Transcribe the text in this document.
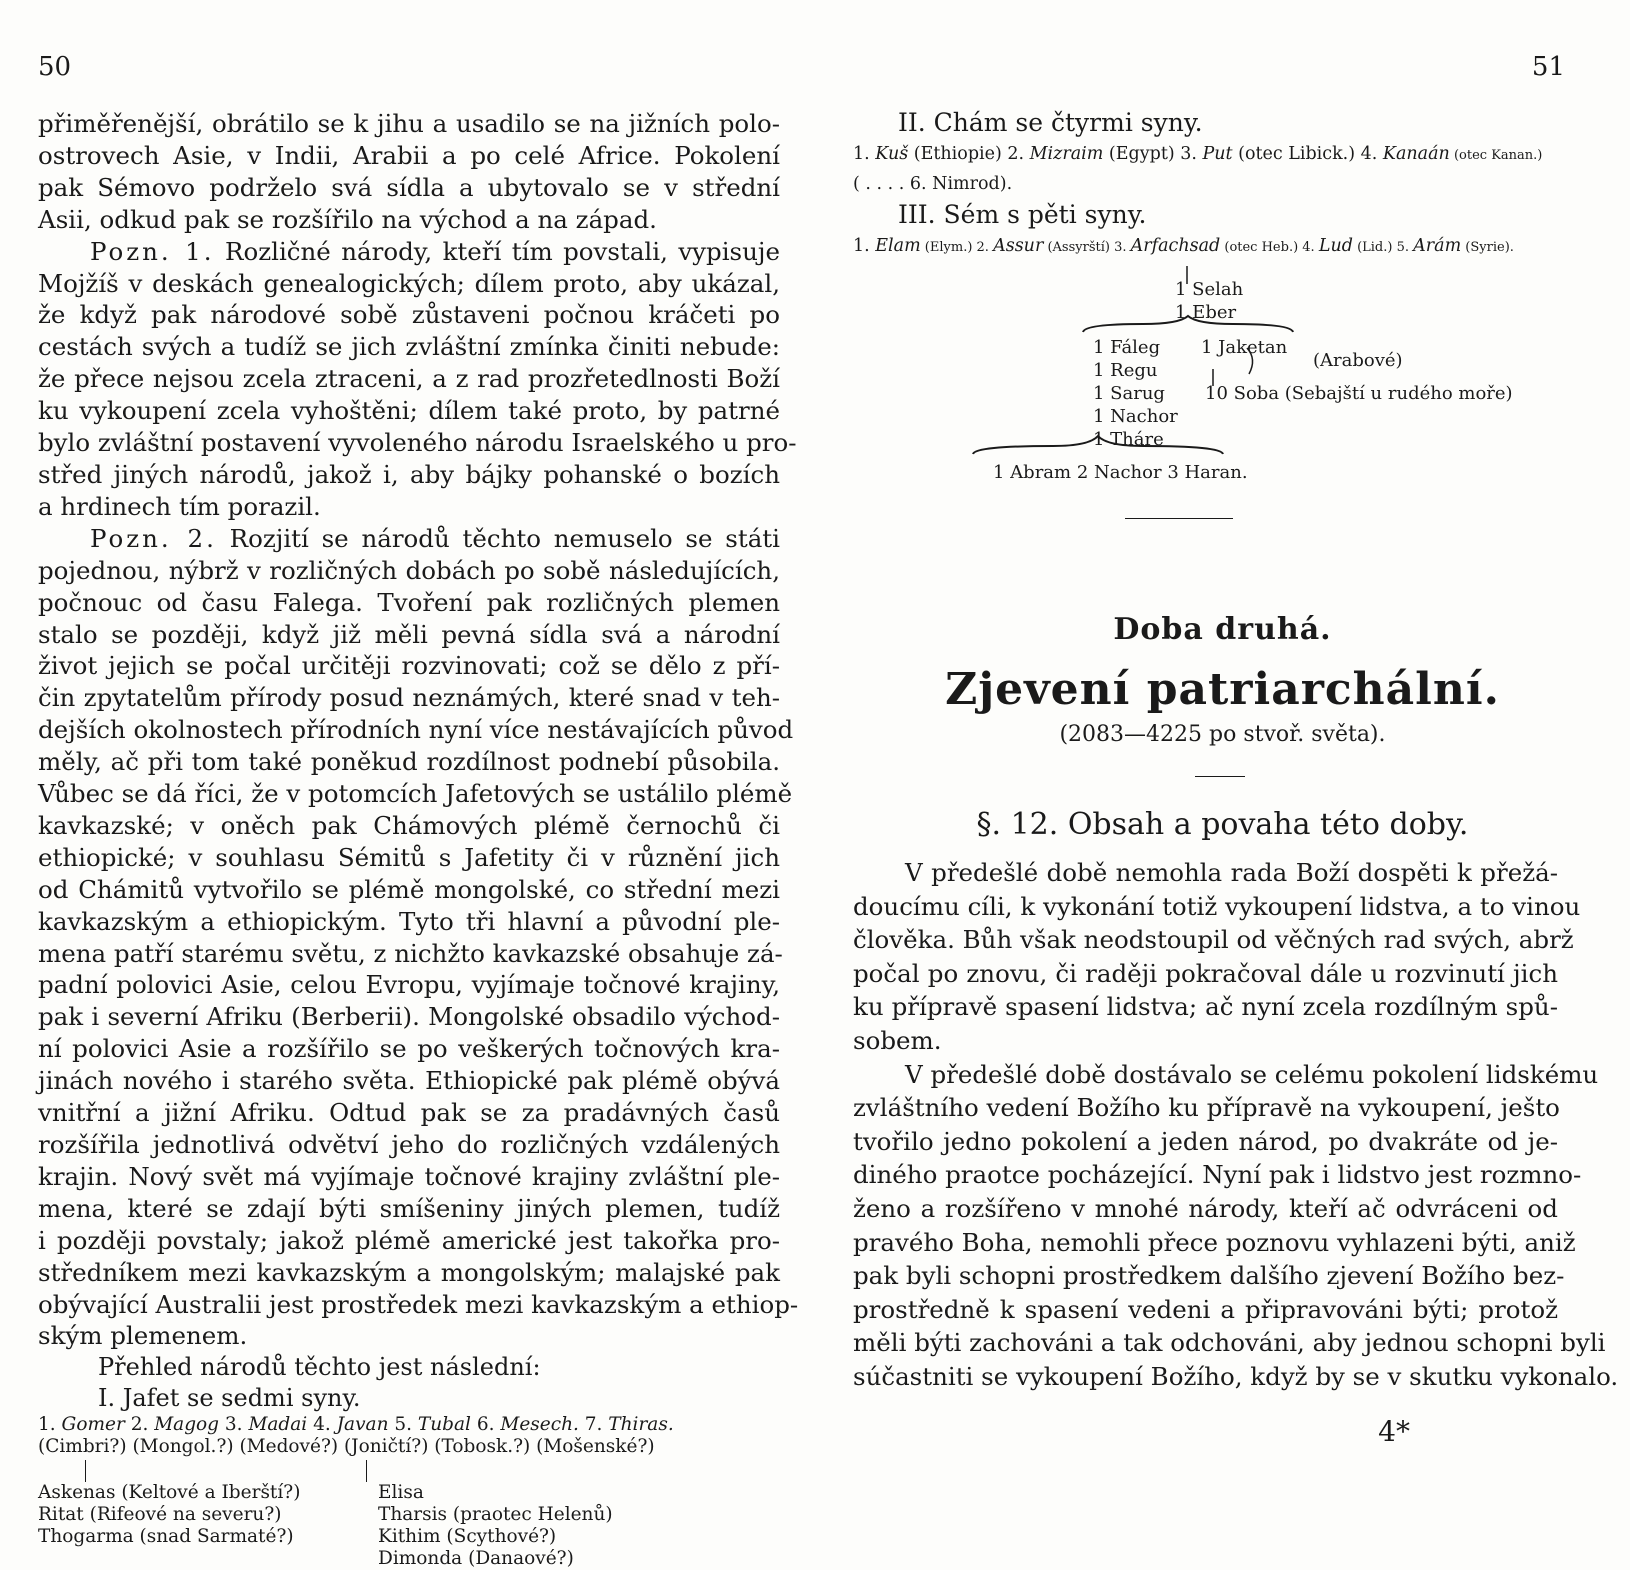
50

přiměřenější, obrátilo se k jihu a usadilo se na jižních polo-
ostrovech Asie, v Indii, Arabii a po celé Africe. Pokolení
pak Sémovo podrželo svá sídla a ubytovalo se v střední
Asii, odkud pak se rozšířilo na východ a na západ.

Pozn. 1. Rozličné národy, kteří tím povstali, vypisuje
Mojžíš v deskách genealogických; dílem proto, aby ukázal,
že když pak národové sobě zůstaveni počnou kráčeti po
cestách svých a tudíž se jich zvláštní zmínka činiti nebude:
že přece nejsou zcela ztraceni, a z rad prozřetedlnosti Boží
ku vykoupení zcela vyhoštěni; dílem také proto, by patrné
bylo zvláštní postavení vyvoleného národu Israelského u pro-
střed jiných národů, jakož i, aby bájky pohanské o bozích
a hrdinech tím porazil.

Pozn. 2. Rozjití se národů těchto nemuselo se státi
pojednou, nýbrž v rozličných dobách po sobě následujících,
počnouc od času Falega. Tvoření pak rozličných plemen
stalo se později, když již měli pevná sídla svá a národní
život jejich se počal určitěji rozvinovati; což se dělo z pří-
čin zpytatelům přírody posud neznámých, které snad v teh-
dejších okolnostech přírodních nyní více nestávajících původ
měly, ač při tom také poněkud rozdílnost podnebí působila.
Vůbec se dá říci, že v potomcích Jafetových se ustálilo plémě
kavkazské; v oněch pak Chámových plémě černochů či
ethiopické; v souhlasu Sémitů s Jafetity či v různění jich
od Chámitů vytvořilo se plémě mongolské, co střední mezi
kavkazským a ethiopickým. Tyto tři hlavní a původní ple-
mena patří starému světu, z nichžto kavkazské obsahuje zá-
padní polovici Asie, celou Evropu, vyjímaje točnové krajiny,
pak i severní Afriku (Berberii). Mongolské obsadilo východ-
ní polovici Asie a rozšířilo se po veškerých točnových kra-
jinách nového i starého světa. Ethiopické pak plémě obývá
vnitřní a jižní Afriku. Odtud pak se za pradávných časů
rozšířila jednotlivá odvětví jeho do rozličných vzdálených
krajin. Nový svět má vyjímaje točnové krajiny zvláštní ple-
mena, které se zdají býti smíšeniny jiných plemen, tudíž
i později povstaly; jakož plémě americké jest takořka pro-
středníkem mezi kavkazským a mongolským; malajské pak
obývající Australii jest prostředek mezi kavkazským a ethiop-
ským plemenem.

Přehled národů těchto jest následní:

I. Jafet se sedmi syny.

1. Gomer 2. Magog 3. Madai 4. Javan 5. Tubal 6. Mesech. 7. Thiras.
(Cimbri?) (Mongol.?) (Medové?) (Joničtí?) (Tobosk.?) (Mošenské?)
Askenas (Keltové a Iberští?)
Ritat (Rifeové na severu?)
Thogarma (snad Sarmaté?)
Elisa
Tharsis (praotec Helenů)
Kithim (Scythové?)
Dimonda (Danaové?)
51

II. Chám se čtyrmi syny.

1. Kuš (Ethiopie) 2. Mizraim (Egypt) 3. Put (otec Libick.) 4. Kanaán (otec Kanan.)
( . . . . 6. Nimrod).

III. Sém s pěti syny.

1. Elam (Elym.) 2. Assur (Assyrští) 3. Arfachsad (otec Heb.) 4. Lud (Lid.) 5. Arám (Syrie).
1 Selah
1 Eber
1 Fáleg
1 Regu
1 Sarug
1 Nachor
1 Tháre
1 Jaketan
(Arabové)
10 Soba (Sebajští u rudého moře)
1 Abram 2 Nachor 3 Haran.
Doba druhá.
Zjevení patriarchální.
(2083—4225 po stvoř. světa).
§. 12. Obsah a povaha této doby.

V předešlé době nemohla rada Boží dospěti k přežá-
doucímu cíli, k vykonání totiž vykoupení lidstva, a to vinou
člověka. Bůh však neodstoupil od věčných rad svých, abrž
počal po znovu, či raději pokračoval dále u rozvinutí jich
ku přípravě spasení lidstva; ač nyní zcela rozdílným spů-
sobem.

V předešlé době dostávalo se celému pokolení lidskému
zvláštního vedení Božího ku přípravě na vykoupení, ješto
tvořilo jedno pokolení a jeden národ, po dvakráte od je-
diného praotce pocházející. Nyní pak i lidstvo jest rozmno-
ženo a rozšířeno v mnohé národy, kteří ač odvráceni od
pravého Boha, nemohli přece poznovu vyhlazeni býti, aniž
pak byli schopni prostředkem dalšího zjevení Božího bez-
prostředně k spasení vedeni a připravováni býti; protož
měli býti zachováni a tak odchováni, aby jednou schopni byli
súčastniti se vykoupení Božího, když by se v skutku vykonalo.

4*
